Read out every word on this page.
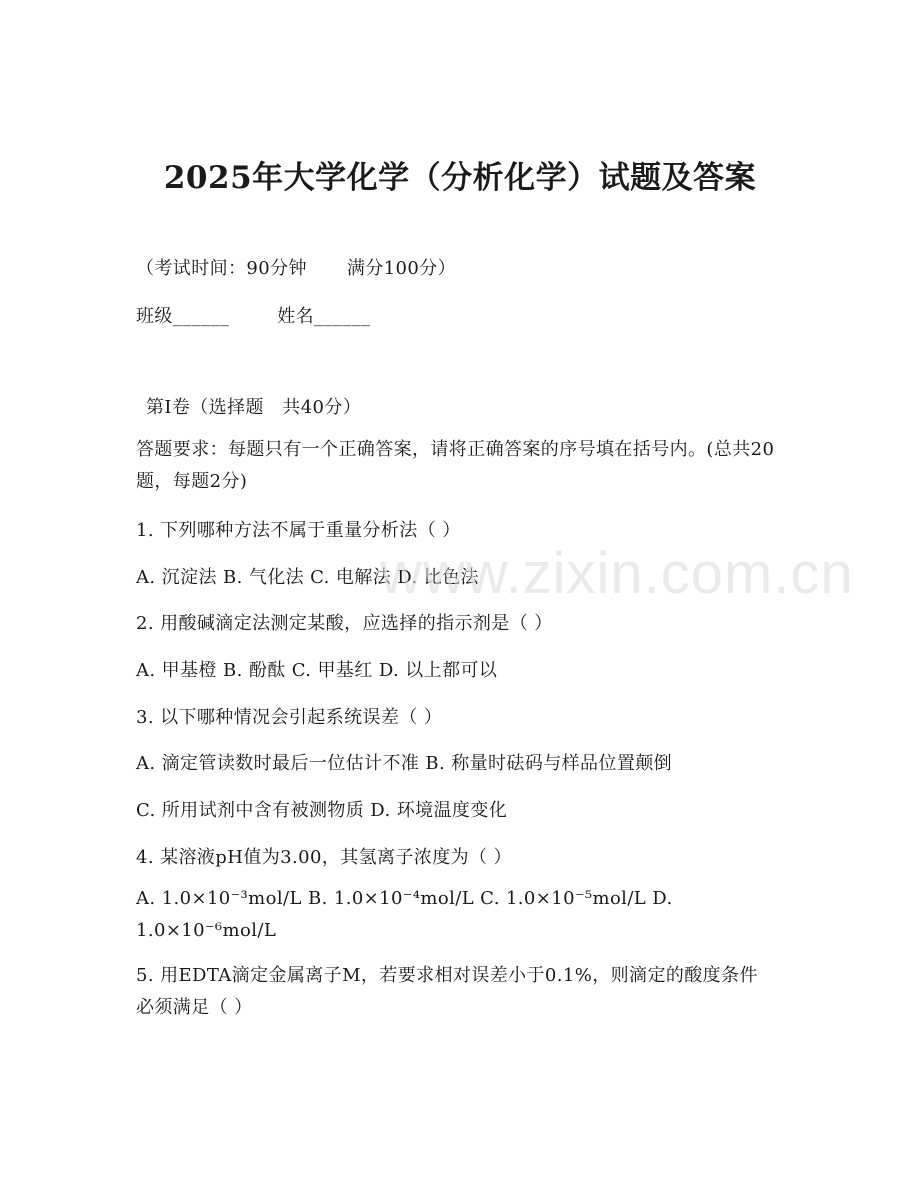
2025年大学化学（分析化学）试题及答案
（考试时间：90分钟 满分100分）
班级______	姓名______
第Ⅰ卷（选择题　共40分）
答题要求：每题只有一个正确答案，请将正确答案的序号填在括号内。(总共20题，每题2分)
1. 下列哪种方法不属于重量分析法（ ）
A. 沉淀法 B. 气化法 C. 电解法 D. 比色法
2. 用酸碱滴定法测定某酸，应选择的指示剂是（ ）
A. 甲基橙 B. 酚酞 C. 甲基红 D. 以上都可以
3. 以下哪种情况会引起系统误差（ ）
A. 滴定管读数时最后一位估计不准 B. 称量时砝码与样品位置颠倒
C. 所用试剂中含有被测物质 D. 环境温度变化
4. 某溶液pH值为3.00，其氢离子浓度为（ ）
A. 1.0×10⁻³mol/L B. 1.0×10⁻⁴mol/L C. 1.0×10⁻⁵mol/L D. 1.0×10⁻⁶mol/L
5. 用EDTA滴定金属离子M，若要求相对误差小于0.1%，则滴定的酸度条件必须满足（ ）
www.zixin.com.cn
